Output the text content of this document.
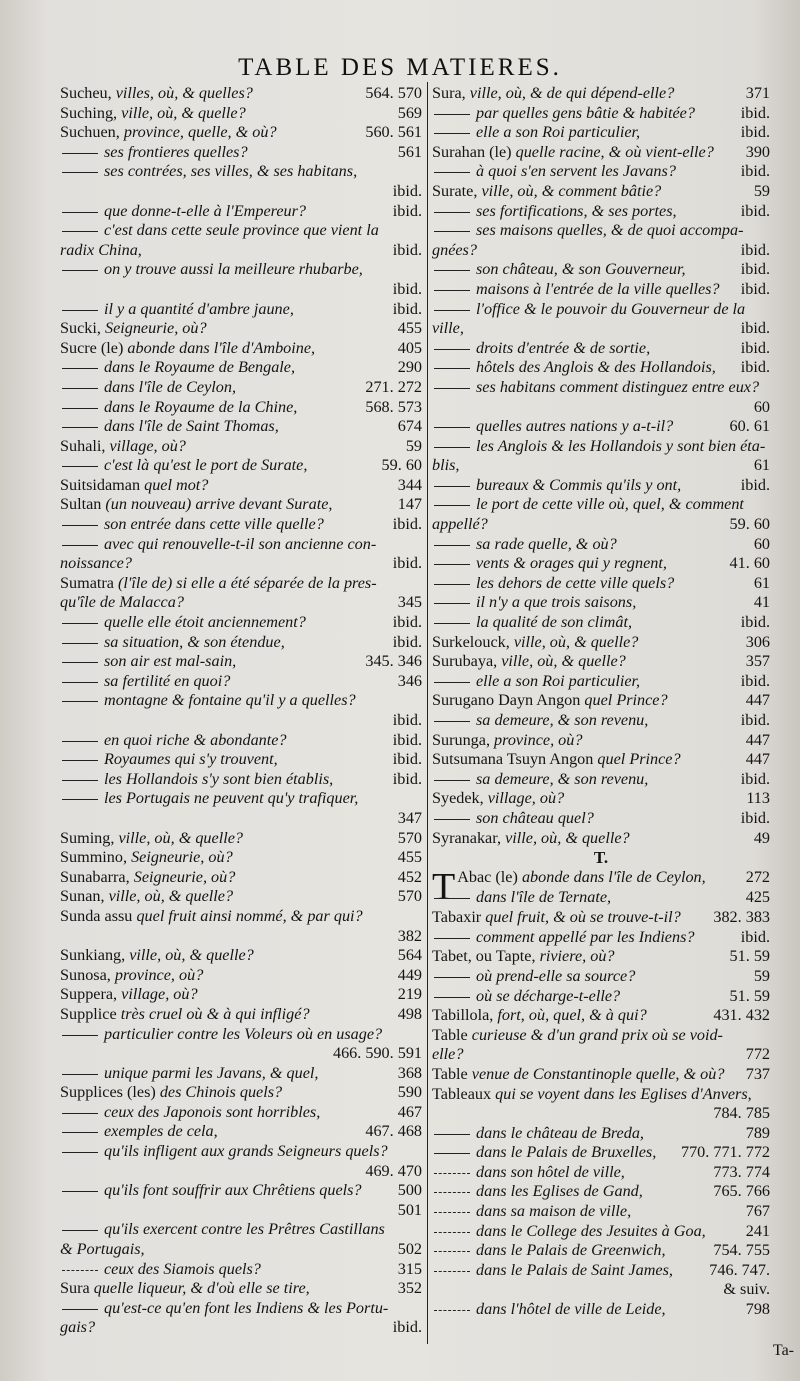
TABLE DES MATIERES.
564. 570
Sucheu, villes, où, & quelles?
569
Suching, ville, où, & quelle?
560. 561
Suchuen, province, quelle, & où?
561
ses frontieres quelles?
ses contrées, ses villes, & ses habitans,
ibid.

ibid.
que donne-t-elle à l'Empereur?
c'est dans cette seule province que vient la
ibid.
radix China,
on y trouve aussi la meilleure rhubarbe,
ibid.

ibid.
il y a quantité d'ambre jaune,
455
Sucki, Seigneurie, où?
405
Sucre (le) abonde dans l'île d'Amboine,
290
dans le Royaume de Bengale,
271. 272
dans l'île de Ceylon,
568. 573
dans le Royaume de la Chine,
674
dans l'île de Saint Thomas,
59
Suhali, village, où?
59. 60
c'est là qu'est le port de Surate,
344
Suitsidaman quel mot?
147
Sultan (un nouveau) arrive devant Surate,
ibid.
son entrée dans cette ville quelle?
avec qui renouvelle-t-il son ancienne con-
ibid.
noissance?
Sumatra (l'île de) si elle a été séparée de la pres-
345
qu'île de Malacca?
ibid.
quelle elle étoit anciennement?
ibid.
sa situation, & son étendue,
345. 346
son air est mal-sain,
346
sa fertilité en quoi?
montagne & fontaine qu'il y a quelles?
ibid.

ibid.
en quoi riche & abondante?
ibid.
Royaumes qui s'y trouvent,
ibid.
les Hollandois s'y sont bien établis,
les Portugais ne peuvent qu'y trafiquer,
347

570
Suming, ville, où, & quelle?
455
Summino, Seigneurie, où?
452
Sunabarra, Seigneurie, où?
570
Sunan, ville, où, & quelle?
Sunda assu quel fruit ainsi nommé, & par qui?
382

564
Sunkiang, ville, où, & quelle?
449
Sunosa, province, où?
219
Suppera, village, où?
498
Supplice très cruel où & à qui infligé?
particulier contre les Voleurs où en usage?
466. 590. 591

368
unique parmi les Javans, & quel,
590
Supplices (les) des Chinois quels?
467
ceux des Japonois sont horribles,
467. 468
exemples de cela,
qu'ils infligent aux grands Seigneurs quels?
469. 470

500
qu'ils font souffrir aux Chrêtiens quels?
501

qu'ils exercent contre les Prêtres Castillans
502
& Portugais,
315
ceux des Siamois quels?
352
Sura quelle liqueur, & d'où elle se tire,
qu'est-ce qu'en font les Indiens & les Portu-
ibid.
gais?
371
Sura, ville, où, & de qui dépend-elle?
ibid.
par quelles gens bâtie & habitée?
ibid.
elle a son Roi particulier,
390
Surahan (le) quelle racine, & où vient-elle?
ibid.
à quoi s'en servent les Javans?
59
Surate, ville, où, & comment bâtie?
ibid.
ses fortifications, & ses portes,
ses maisons quelles, & de quoi accompa-
ibid.
gnées?
ibid.
son château, & son Gouverneur,
ibid.
maisons à l'entrée de la ville quelles?
l'office & le pouvoir du Gouverneur de la
ibid.
ville,
ibid.
droits d'entrée & de sortie,
ibid.
hôtels des Anglois & des Hollandois,
ses habitans comment distinguez entre eux?
60

60. 61
quelles autres nations y a-t-il?
les Anglois & les Hollandois y sont bien éta-
61
blis,
ibid.
bureaux & Commis qu'ils y ont,
le port de cette ville où, quel, & comment
59. 60
appellé?
60
sa rade quelle, & où?
41. 60
vents & orages qui y regnent,
61
les dehors de cette ville quels?
41
il n'y a que trois saisons,
ibid.
la qualité de son climât,
306
Surkelouck, ville, où, & quelle?
357
Surubaya, ville, où, & quelle?
ibid.
elle a son Roi particulier,
447
Surugano Dayn Angon quel Prince?
ibid.
sa demeure, & son revenu,
447
Surunga, province, où?
447
Sutsumana Tsuyn Angon quel Prince?
ibid.
sa demeure, & son revenu,
113
Syedek, village, où?
ibid.
son château quel?
49
Syranakar, ville, où, & quelle?
T.
T	272
Abac (le) abonde dans l'île de Ceylon,
425
dans l'île de Ternate,
382. 383
Tabaxir quel fruit, & où se trouve-t-il?
ibid.
comment appellé par les Indiens?
51. 59
Tabet, ou Tapte, riviere, où?
59
où prend-elle sa source?
51. 59
où se décharge-t-elle?
431. 432
Tabillola, fort, où, quel, & à qui?
Table curieuse & d'un grand prix où se void-
772
elle?
737
Table venue de Constantinople quelle, & où?
Tableaux qui se voyent dans les Eglises d'Anvers,
784. 785

789
dans le château de Breda,
770. 771. 772
dans le Palais de Bruxelles,
773. 774
dans son hôtel de ville,
765. 766
dans les Eglises de Gand,
767
dans sa maison de ville,
241
dans le College des Jesuites à Goa,
754. 755
dans le Palais de Greenwich,
746. 747.
dans le Palais de Saint James,
& suiv.

798
dans l'hôtel de ville de Leide,
Ta-
